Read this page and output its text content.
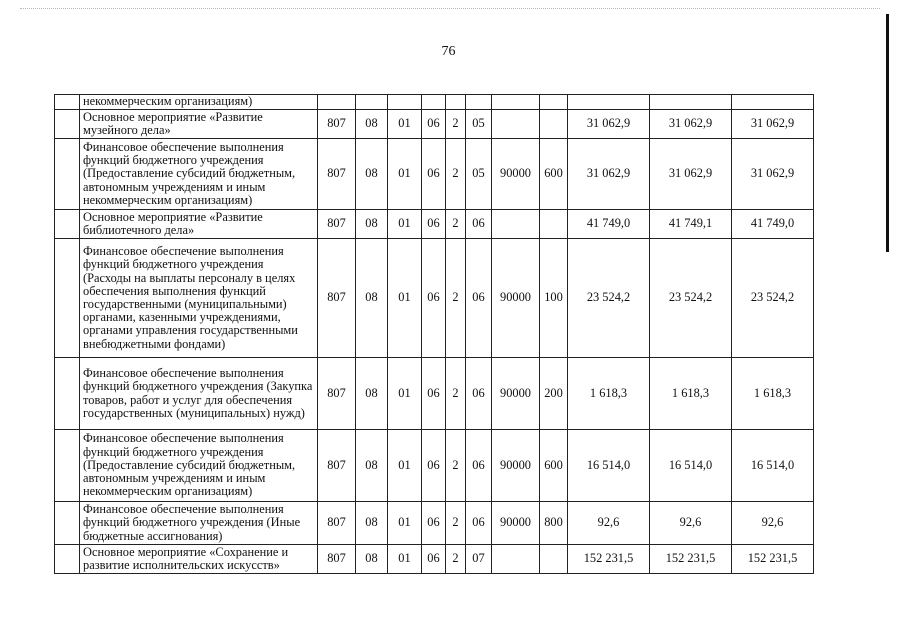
76
	некоммерческим организациям)											
	Основное мероприятие «Развитие музейного дела»	807	08	01	06	2	05			31 062,9	31 062,9	31 062,9
	Финансовое обеспечение выполнения функций бюджетного учреждения (Предоставление субсидий бюджетным, автономным учреждениям и иным некоммерческим организациям)	807	08	01	06	2	05	90000	600	31 062,9	31 062,9	31 062,9
	Основное мероприятие «Развитие библиотечного дела»	807	08	01	06	2	06			41 749,0	41 749,1	41 749,0
	Финансовое обеспечение выполнения функций бюджетного учреждения (Расходы на выплаты персоналу в целях обеспечения выполнения функций государственными (муниципальными) органами, казенными учреждениями, органами управления государственными внебюджетными фондами)	807	08	01	06	2	06	90000	100	23 524,2	23 524,2	23 524,2
	Финансовое обеспечение выполнения функций бюджетного учреждения (Закупка товаров, работ и услуг для обеспечения государственных (муниципальных) нужд)	807	08	01	06	2	06	90000	200	1 618,3	1 618,3	1 618,3
	Финансовое обеспечение выполнения функций бюджетного учреждения (Предоставление субсидий бюджетным, автономным учреждениям и иным некоммерческим организациям)	807	08	01	06	2	06	90000	600	16 514,0	16 514,0	16 514,0
	Финансовое обеспечение выполнения функций бюджетного учреждения (Иные бюджетные ассигнования)	807	08	01	06	2	06	90000	800	92,6	92,6	92,6
	Основное мероприятие «Сохранение и развитие исполнительских искусств»	807	08	01	06	2	07			152 231,5	152 231,5	152 231,5
